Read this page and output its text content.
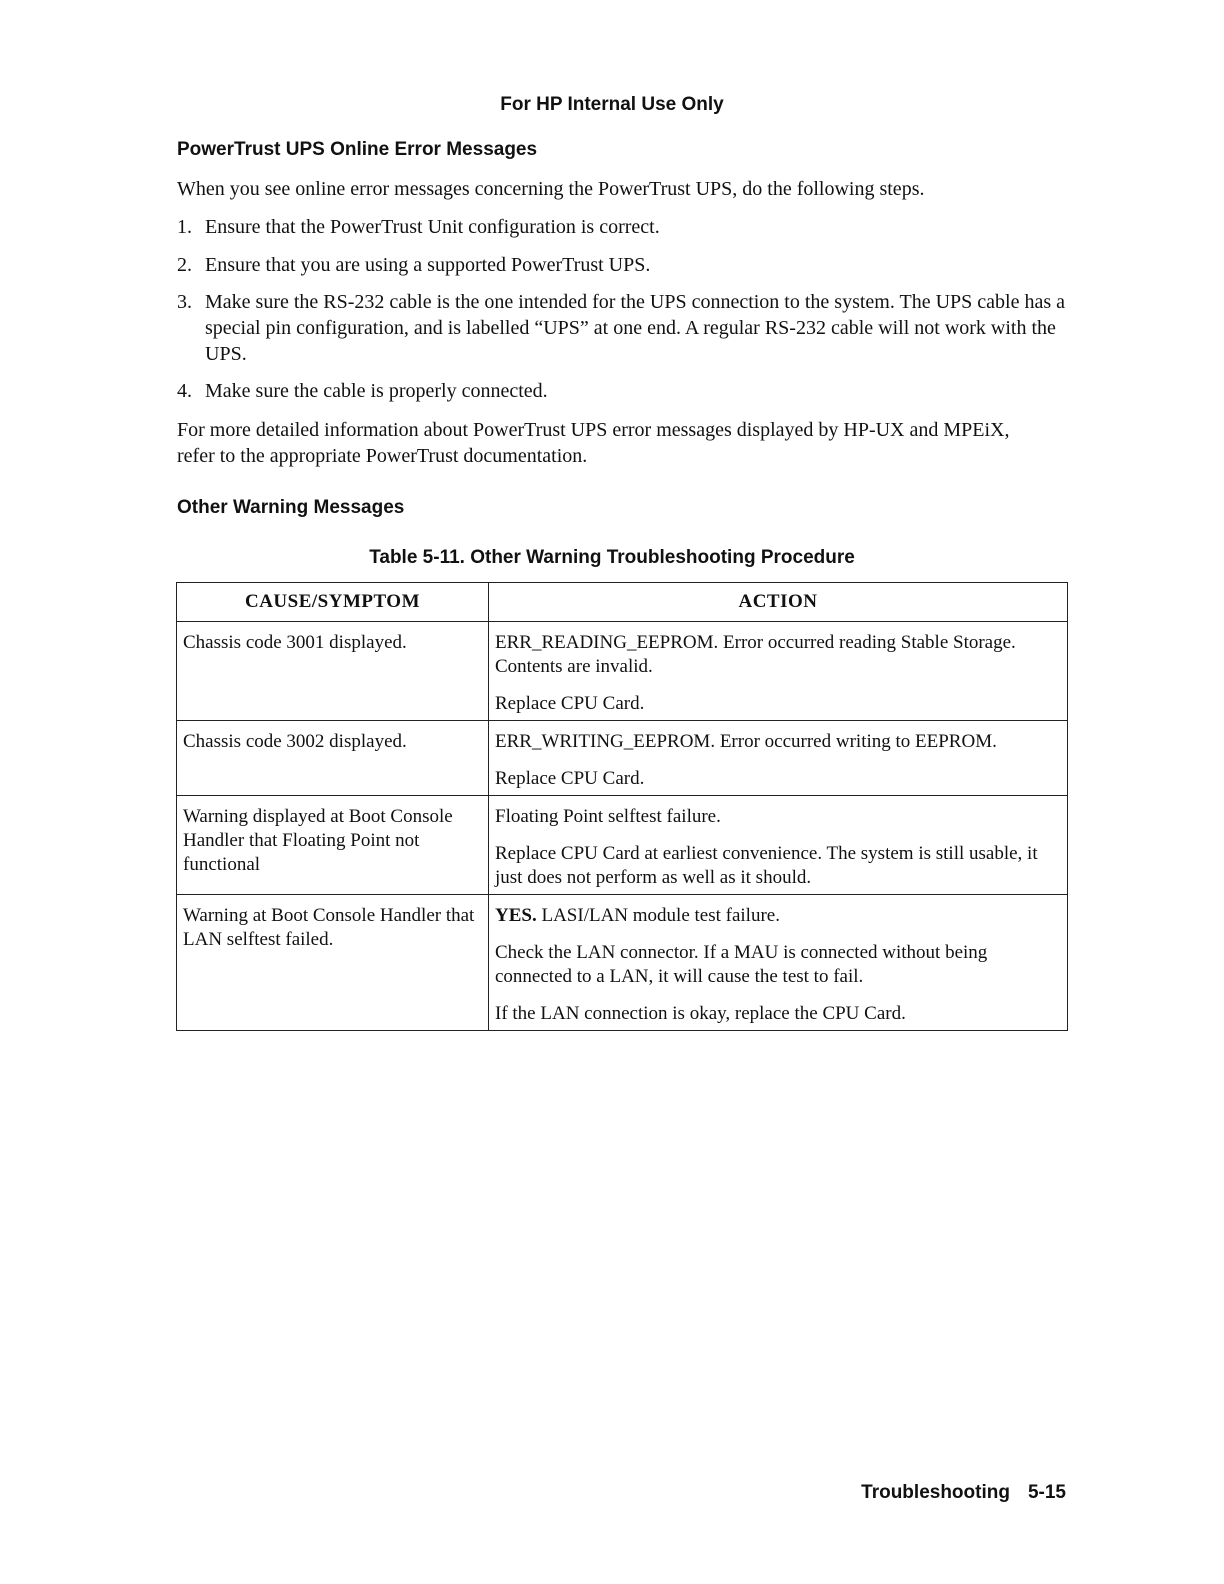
For HP Internal Use Only
PowerTrust UPS Online Error Messages
When you see online error messages concerning the PowerTrust UPS, do the following steps.
1. Ensure that the PowerTrust Unit configuration is correct.
2. Ensure that you are using a supported PowerTrust UPS.
3. Make sure the RS-232 cable is the one intended for the UPS connection to the system. The UPS cable has a special pin configuration, and is labelled “UPS” at one end. A regular RS-232 cable will not work with the UPS.
4. Make sure the cable is properly connected.
For more detailed information about PowerTrust UPS error messages displayed by HP-UX and MPEiX, refer to the appropriate PowerTrust documentation.
Other Warning Messages
Table 5-11. Other Warning Troubleshooting Procedure
CAUSE/SYMPTOM	ACTION
Chassis code 3001 displayed.	ERR_READING_EEPROM. Error occurred reading Stable Storage. Contents are invalid.

Replace CPU Card.

Chassis code 3002 displayed.	ERR_WRITING_EEPROM. Error occurred writing to EEPROM.

Replace CPU Card.

Warning displayed at Boot Console Handler that Floating Point not functional	Floating Point selftest failure.

Replace CPU Card at earliest convenience. The system is still usable, it just does not perform as well as it should.

Warning at Boot Console Handler that LAN selftest failed.	YES. LASI/LAN module test failure.

Check the LAN connector. If a MAU is connected without being connected to a LAN, it will cause the test to fail.

If the LAN connection is okay, replace the CPU Card.

Troubleshooting 5-15
